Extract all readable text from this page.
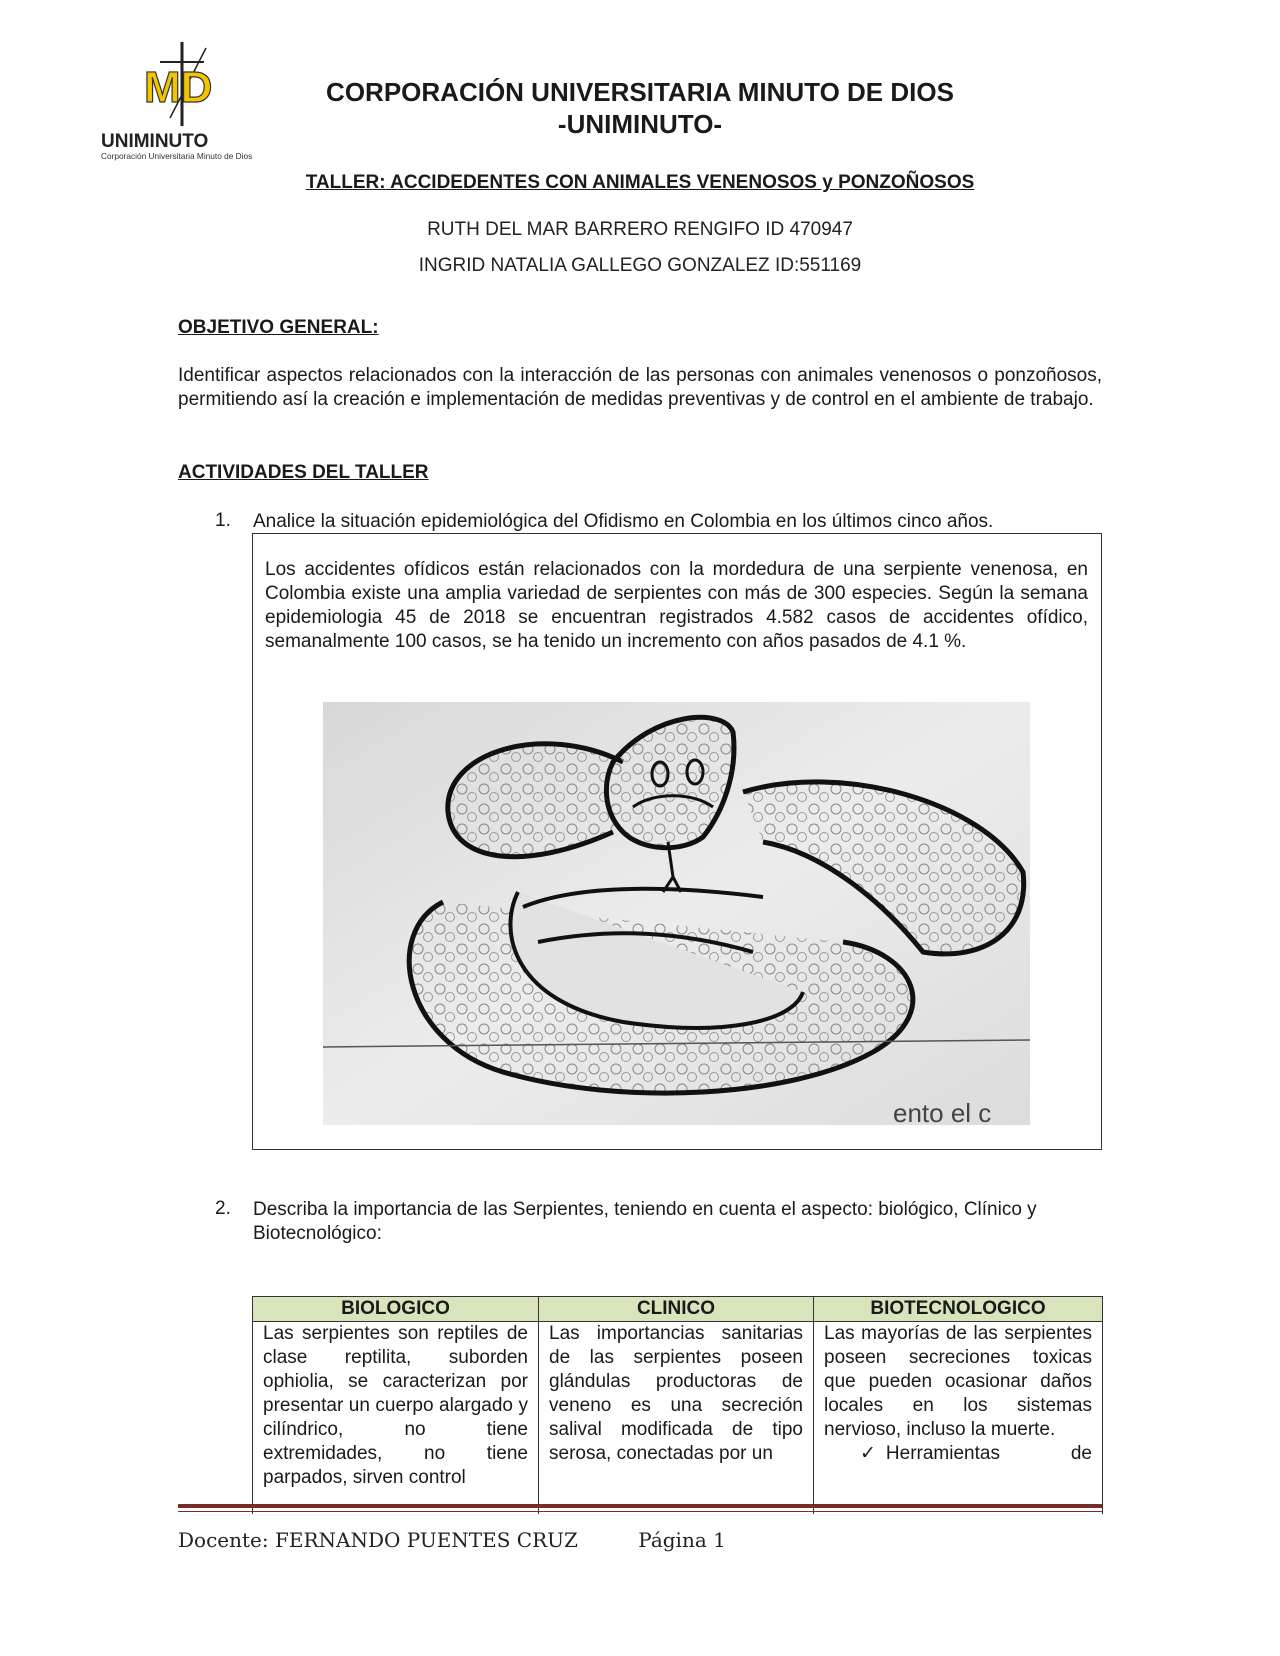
MD
UNIMINUTO
Corporación Universitaria Minuto de Dios
CORPORACIÓN UNIVERSITARIA MINUTO DE DIOS
-UNIMINUTO-
TALLER: ACCIDEDENTES CON ANIMALES VENENOSOS y PONZOÑOSOS
RUTH DEL MAR BARRERO RENGIFO ID 470947
INGRID NATALIA GALLEGO GONZALEZ ID:551169
OBJETIVO GENERAL:
Identificar aspectos relacionados con la interacción de las personas con animales venenosos o ponzoñosos, permitiendo así la creación e implementación de medidas preventivas y de control en el ambiente de trabajo.
ACTIVIDADES DEL TALLER
1. Analice la situación epidemiológica del Ofidismo en Colombia en los últimos cinco años.
Los accidentes ofídicos están relacionados con la mordedura de una serpiente venenosa, en Colombia existe una amplia variedad de serpientes con más de 300 especies. Según la semana epidemiologia 45 de 2018 se encuentran registrados 4.582 casos de accidentes ofídico, semanalmente 100 casos, se ha tenido un incremento con años pasados de 4.1 %.
ento el c
2. Describa la importancia de las Serpientes, teniendo en cuenta el aspecto: biológico, Clínico y Biotecnológico:
BIOLOGICO	CLINICO	BIOTECNOLOGICO

Las serpientes son reptiles de clase reptilita, suborden ophiolia, se caracterizan por presentar un cuerpo alargado y cilíndrico, no tiene extremidades, no tiene parpados, sirven control	Las importancias sanitarias de las serpientes poseen glándulas productoras de veneno es una secreción salival modificada de tipo serosa, conectadas por un	Las mayorías de las serpientes poseen secreciones toxicas que pueden ocasionar daños locales en los sistemas nervioso, incluso la muerte.
✓ Herramientas de
Docente: FERNANDO PUENTES CRUZ	Página 1
